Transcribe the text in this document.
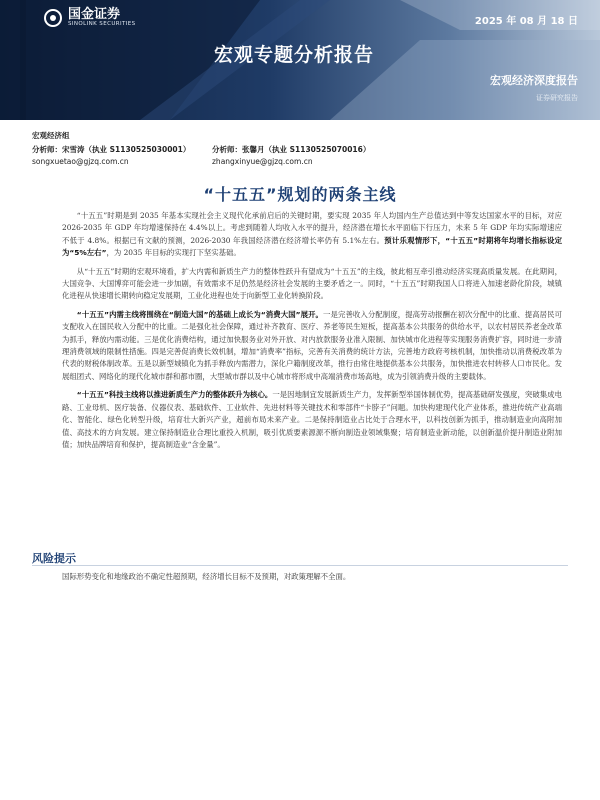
国金证券
SINOLINK SECURITIES	2025 年 08 月 18 日
宏观专题分析报告
宏观经济深度报告
证券研究报告
宏观经济组
分析师：宋雪涛（执业 S1130525030001）
songxuetao@gjzq.com.cn
分析师：张馨月（执业 S1130525070016）
zhangxinyue@gjzq.com.cn
“十五五”规划的两条主线

“十五五”时期是到 2035 年基本实现社会主义现代化承前启后的关键时期，要实现 2035 年人均国内生产总值达到中等发达国家水平的目标，对应 2026-2035 年 GDP 年均增速保持在 4.4%以上。考虑到随着人均收入水平的提升，经济潜在增长水平面临下行压力，未来 5 年 GDP 年均实际增速应不低于 4.8%。根据已有文献的预测，2026-2030 年我国经济潜在经济增长率仍有 5.1%左右。预计乐观情形下，“十五五”时期将年均增长指标设定为“5%左右”，为 2035 年目标的实现打下坚实基础。

从“十五五”时期的宏观环境看，扩大内需和新质生产力的整体性跃升有望成为“十五五”的主线，彼此相互牵引推动经济实现高质量发展。在此期间，大国竞争、大国博弈可能会进一步加剧，有效需求不足仍然是经济社会发展的主要矛盾之一。同时，“十五五”时期我国人口将进入加速老龄化阶段，城镇化进程从快速增长期转向稳定发展期，工业化进程也处于向新型工业化转换阶段。

“十五五”内需主线将围绕在“制造大国”的基础上成长为“消费大国”展开。一是完善收入分配制度，提高劳动报酬在初次分配中的比重、提高居民可支配收入在国民收入分配中的比重。二是强化社会保障，通过补齐教育、医疗、养老等民生短板，提高基本公共服务的供给水平，以农村居民养老金改革为抓手，释放内需动能。三是优化消费结构，通过加快服务业对外开放、对内放款服务业准入限制、加快城市化进程等实现服务消费扩容，同时进一步清理消费领域的限制性措施。四是完善促消费长效机制，增加“消费率”指标，完善有关消费的统计方法，完善地方政府考核机制，加快推动以消费税改革为代表的财税体制改革。五是以新型城镇化为抓手释放内需潜力，深化户籍制度改革，推行由常住地提供基本公共服务，加快推进农村转移人口市民化。发展组团式、网络化的现代化城市群和都市圈，大型城市群以及中心城市将形成中高端消费市场高地，成为引领消费升级的主要载体。

“十五五”科技主线将以推进新质生产力的整体跃升为核心。一是因地制宜发展新质生产力，发挥新型举国体制优势，提高基础研发强度，突破集成电路、工业母机、医疗装备、仪器仪表、基础软件、工业软件、先进材料等关键技术和零部件“卡脖子”问题。加快构建现代化产业体系，推进传统产业高端化、智能化、绿色化转型升级，培育壮大新兴产业，超前布局未来产业。二是保持制造业占比处于合理水平，以科技创新为抓手，推动制造业向高附加值、高技术的方向发展。建立保持制造业合理比重投入机制，吸引优质要素源源不断向制造业领域集聚；培育制造业新动能，以创新温价提升制造业附加值；加快品牌培育和保护，提高制造业“含金量”。

风险提示
国际形势变化和地缘政治不确定性超预期，经济增长目标不及预期，对政策理解不全面。
